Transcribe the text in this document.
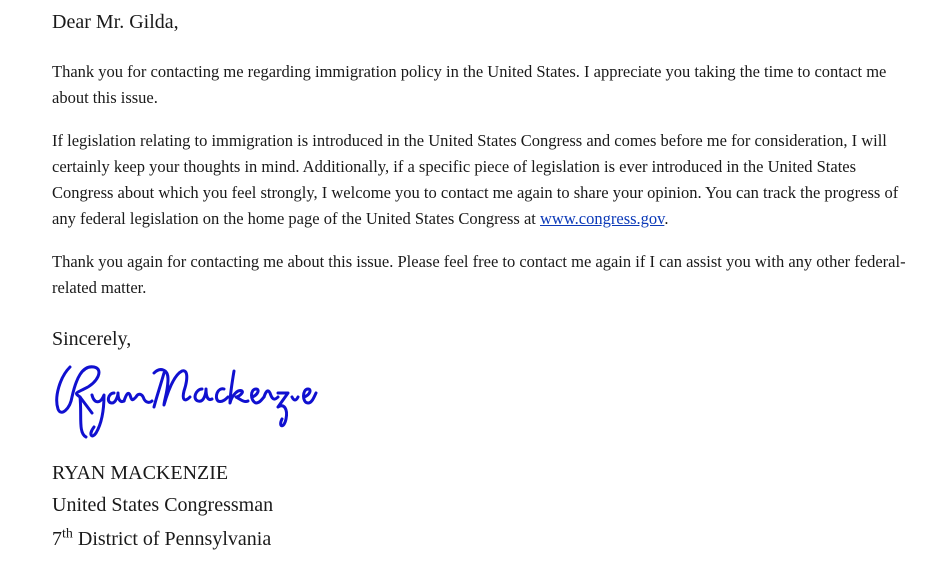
Dear Mr. Gilda,

Thank you for contacting me regarding immigration policy in the United States. I appreciate you taking the time to contact me about this issue.

If legislation relating to immigration is introduced in the United States Congress and comes before me for consideration, I will certainly keep your thoughts in mind. Additionally, if a specific piece of legislation is ever introduced in the United States Congress about which you feel strongly, I welcome you to contact me again to share your opinion. You can track the progress of any federal legislation on the home page of the United States Congress at www.congress.gov.

Thank you again for contacting me about this issue. Please feel free to contact me again if I can assist you with any other federal-related matter.

Sincerely,
RYAN MACKENZIE
United States Congressman
7th District of Pennsylvania
